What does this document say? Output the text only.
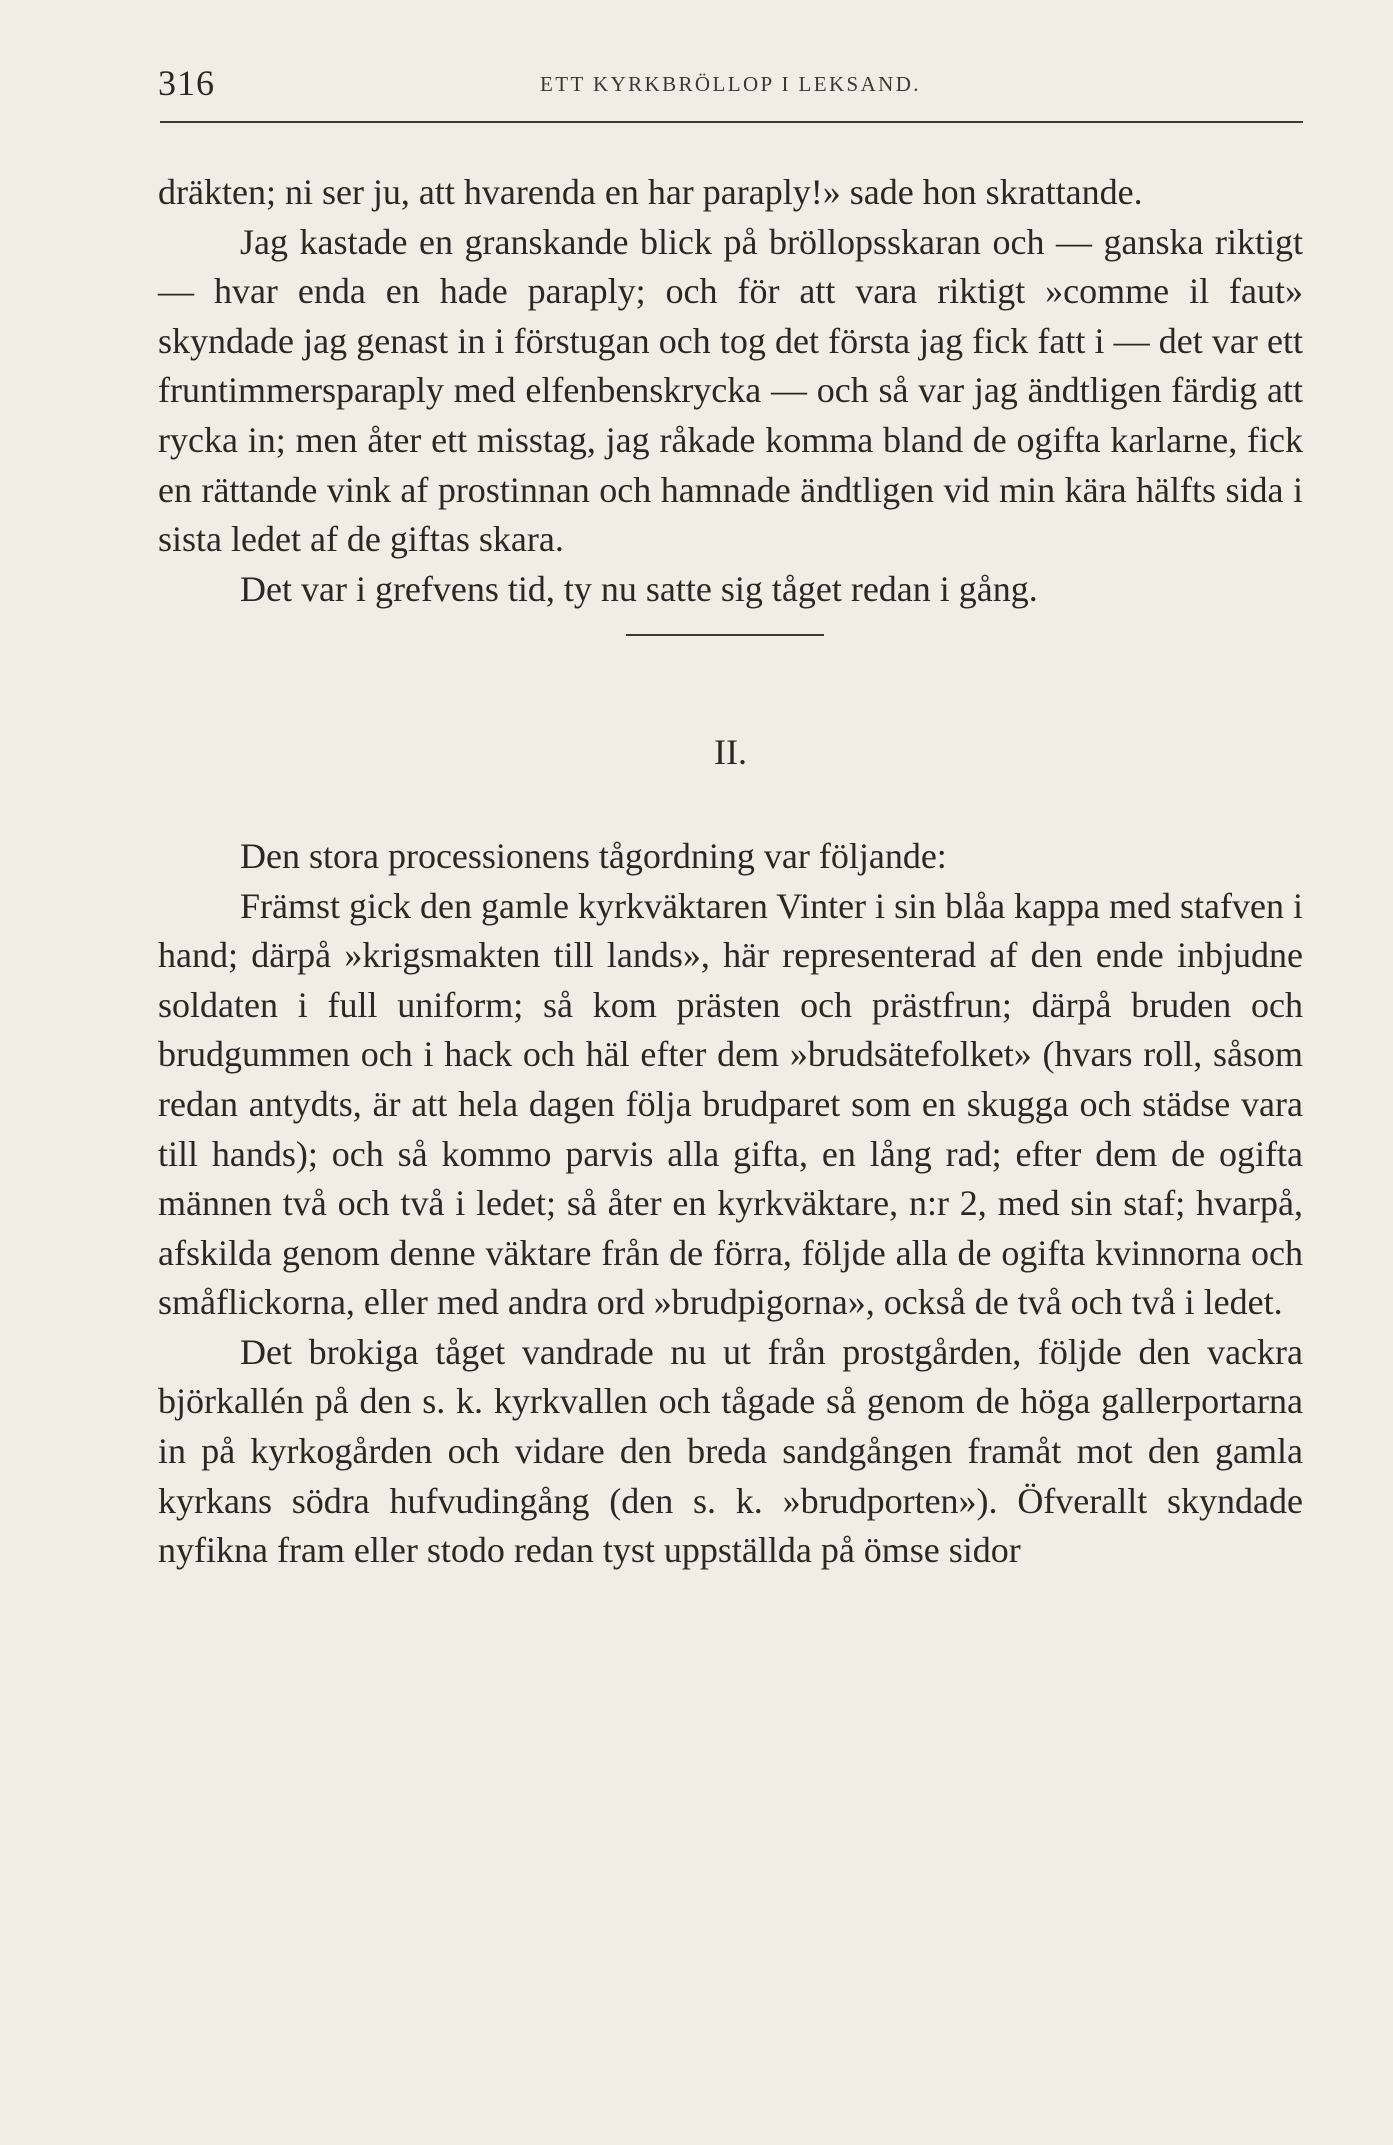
316	ETT KYRKBRÖLLOP I LEKSAND.

dräkten; ni ser ju, att hvarenda en har paraply!» sade hon skrattande.

Jag kastade en granskande blick på bröllopsskaran och — ganska riktigt — hvar enda en hade paraply; och för att vara riktigt »comme il faut» skyndade jag genast in i förstugan och tog det första jag fick fatt i — det var ett fruntimmersparaply med elfenbenskrycka — och så var jag ändtligen färdig att rycka in; men åter ett misstag, jag råkade komma bland de ogifta karlarne, fick en rättande vink af prostinnan och hamnade ändtligen vid min kära hälfts sida i sista ledet af de giftas skara.

Det var i grefvens tid, ty nu satte sig tåget redan i gång.

II.

Den stora processionens tågordning var följande:

Främst gick den gamle kyrkväktaren Vinter i sin blåa kappa med stafven i hand; därpå »krigsmakten till lands», här representerad af den ende inbjudne soldaten i full uniform; så kom prästen och prästfrun; därpå bruden och brudgummen och i hack och häl efter dem »brudsätefolket» (hvars roll, såsom redan antydts, är att hela dagen följa brudparet som en skugga och städse vara till hands); och så kommo parvis alla gifta, en lång rad; efter dem de ogifta männen två och två i ledet; så åter en kyrkväktare, n:r 2, med sin staf; hvarpå, afskilda genom denne väktare från de förra, följde alla de ogifta kvinnorna och småflickorna, eller med andra ord »brudpigorna», också de två och två i ledet.

Det brokiga tåget vandrade nu ut från prostgården, följde den vackra björkallén på den s. k. kyrkvallen och tågade så genom de höga gallerportarna in på kyrkogården och vidare den breda sandgången framåt mot den gamla kyrkans södra hufvudingång (den s. k. »brudporten»). Öfverallt skyndade nyfikna fram eller stodo redan tyst uppställda på ömse sidor
